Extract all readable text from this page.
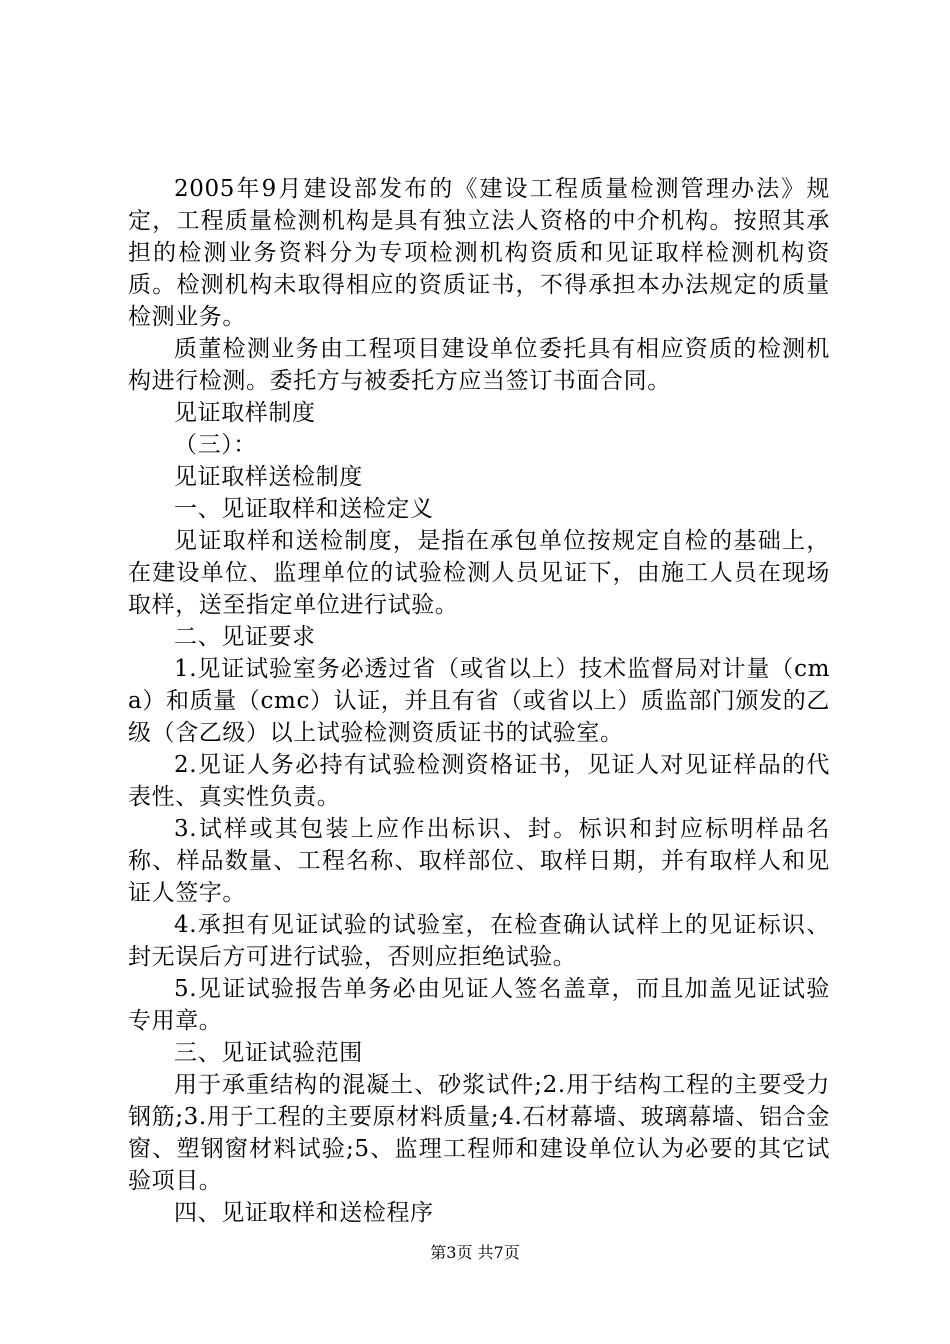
2005年9月建设部发布的《建设工程质量检测管理办法》规定，工程质量检测机构是具有独立法人资格的中介机构。按照其承担的检测业务资料分为专项检测机构资质和见证取样检测机构资质。检测机构未取得相应的资质证书，不得承担本办法规定的质量检测业务。

质董检测业务由工程项目建设单位委托具有相应资质的检测机构进行检测。委托方与被委托方应当签订书面合同。

见证取样制度

（三）：

见证取样送检制度

一、见证取样和送检定义

见证取样和送检制度，是指在承包单位按规定自检的基础上，在建设单位、监理单位的试验检测人员见证下，由施工人员在现场取样，送至指定单位进行试验。

二、见证要求

1.见证试验室务必透过省（或省以上）技术监督局对计量（cma）和质量（cmc）认证，并且有省（或省以上）质监部门颁发的乙级（含乙级）以上试验检测资质证书的试验室。

2.见证人务必持有试验检测资格证书，见证人对见证样品的代表性、真实性负责。

3.试样或其包装上应作出标识、封。标识和封应标明样品名称、样品数量、工程名称、取样部位、取样日期，并有取样人和见证人签字。

4.承担有见证试验的试验室，在检查确认试样上的见证标识、封无误后方可进行试验，否则应拒绝试验。

5.见证试验报告单务必由见证人签名盖章，而且加盖见证试验专用章。

三、见证试验范围

用于承重结构的混凝土、砂浆试件;2.用于结构工程的主要受力钢筋;3.用于工程的主要原材料质量;4.石材幕墙、玻璃幕墙、铝合金窗、塑钢窗材料试验;5、监理工程师和建设单位认为必要的其它试验项目。

四、见证取样和送检程序

第3页 共7页
